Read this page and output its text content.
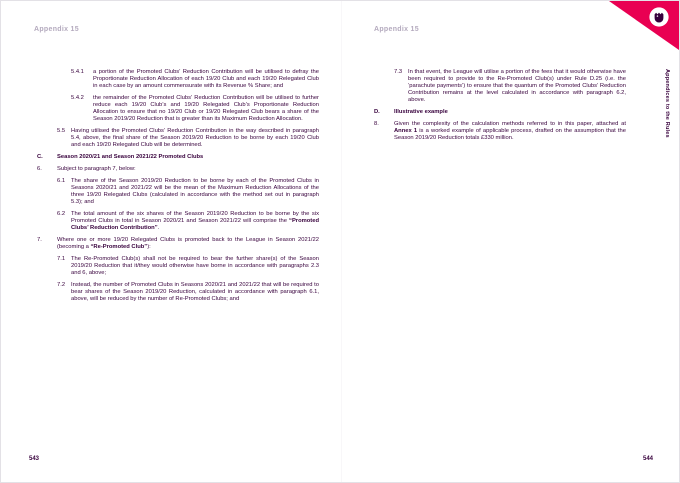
Appendix 15
5.4.1	a portion of the Promoted Clubs’ Reduction Contribution will be utilised to defray the Proportionate Reduction Allocation of each 19/20 Club and each 19/20 Relegated Club in each case by an amount commensurate with its Revenue % Share; and
5.4.2	the remainder of the Promoted Clubs’ Reduction Contribution will be utilised to further reduce each 19/20 Club’s and 19/20 Relegated Club’s Proportionate Reduction Allocation to ensure that no 19/20 Club or 19/20 Relegated Club bears a share of the Season 2019/20 Reduction that is greater than its Maximum Reduction Allocation.
5.5	Having utilised the Promoted Clubs’ Reduction Contribution in the way described in paragraph 5.4, above, the final share of the Season 2019/20 Reduction to be borne by each 19/20 Club and each 19/20 Relegated Club will be determined.
C.	Season 2020/21 and Season 2021/22 Promoted Clubs
6.	Subject to paragraph 7, below:
6.1	The share of the Season 2019/20 Reduction to be borne by each of the Promoted Clubs in Seasons 2020/21 and 2021/22 will be the mean of the Maximum Reduction Allocations of the three 19/20 Relegated Clubs (calculated in accordance with the method set out in paragraph 5.3); and
6.2	The total amount of the six shares of the Season 2019/20 Reduction to be borne by the six Promoted Clubs in total in Season 2020/21 and Season 2021/22 will comprise the “Promoted Clubs’ Reduction Contribution”.
7.	Where one or more 19/20 Relegated Clubs is promoted back to the League in Season 2021/22 (becoming a “Re-Promoted Club”):
7.1	The Re-Promoted Club(s) shall not be required to bear the further share(s) of the Season 2019/20 Reduction that it/they would otherwise have borne in accordance with paragraphs 2.3 and 6, above;
7.2	Instead, the number of Promoted Clubs in Seasons 2020/21 and 2021/22 that will be required to bear shares of the Season 2019/20 Reduction, calculated in accordance with paragraph 6.1, above, will be reduced by the number of Re-Promoted Clubs; and
543
Appendix 15
7.3	In that event, the League will utilise a portion of the fees that it would otherwise have been required to provide to the Re-Promoted Club(s) under Rule D.25 (i.e. the ‘parachute payments’) to ensure that the quantum of the Promoted Clubs’ Reduction Contribution remains at the level calculated in accordance with paragraph 6.2, above.
D.	Illustrative example
8.	Given the complexity of the calculation methods referred to in this paper, attached at Annex 1 is a worked example of applicable process, drafted on the assumption that the Season 2019/20 Reduction totals £330 million.
544
Appendices to the Rules
